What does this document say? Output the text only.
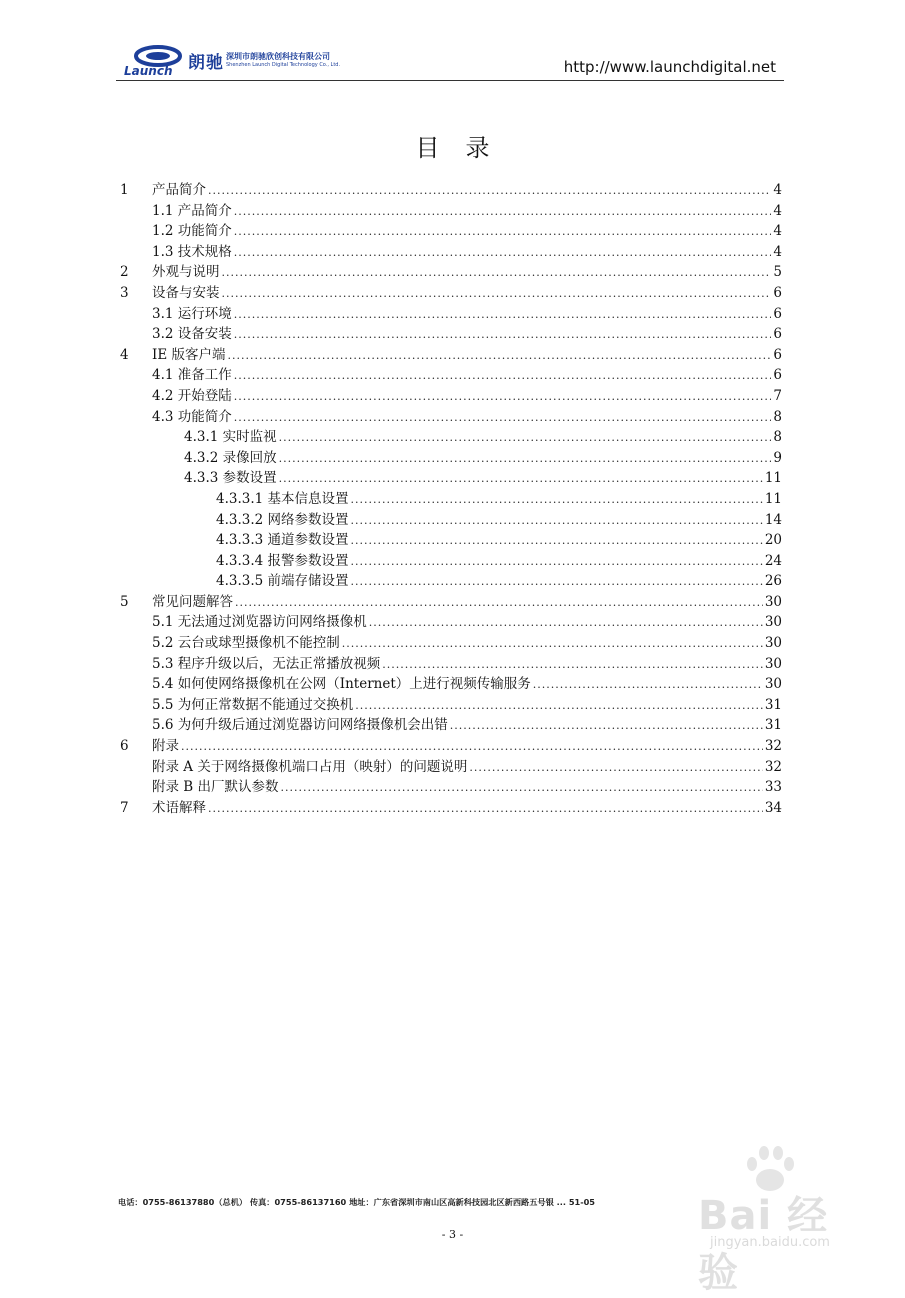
Launch 朗驰 深圳市朗驰欣创科技有限公司
Shenzhen Launch Digital Technology Co., Ltd.	http://www.launchdigital.net
目录
1	产品简介 .....	4
1.1 产品简介 .....	4
1.2 功能简介 .....	4
1.3 技术规格 .....	4
2	外观与说明 .....	5
3	设备与安装 .....	6
3.1 运行环境 .....	6
3.2 设备安装 .....	6
4	IE 版客户端 .....	6
4.1 准备工作 .....	6
4.2 开始登陆 .....	7
4.3 功能简介 .....	8
4.3.1 实时监视 .....	8
4.3.2 录像回放 .....	9
4.3.3 参数设置 .....	11
4.3.3.1 基本信息设置 .....	11
4.3.3.2 网络参数设置 .....	14
4.3.3.3 通道参数设置 .....	20
4.3.3.4 报警参数设置 .....	24
4.3.3.5 前端存储设置 .....	26
5	常见问题解答 .....	30
5.1 无法通过浏览器访问网络摄像机 .....	30
5.2 云台或球型摄像机不能控制 .....	30
5.3 程序升级以后，无法正常播放视频 .....	30
5.4 如何使网络摄像机在公网（Internet）上进行视频传输服务 .....	30
5.5 为何正常数据不能通过交换机 .....	31
5.6 为何升级后通过浏览器访问网络摄像机会出错 .....	31
6	附录 .....	32
附录 A 关于网络摄像机端口占用（映射）的问题说明 .....	32
附录 B 出厂默认参数 .....	33
7	术语解释 .....	34
电话：0755-86137880（总机） 传真：0755-86137160 地址：广东省深圳市南山区高新科技园北区新西路五号银 ... 51-05
- 3 -	Bai 经验
jingyan.baidu.com
